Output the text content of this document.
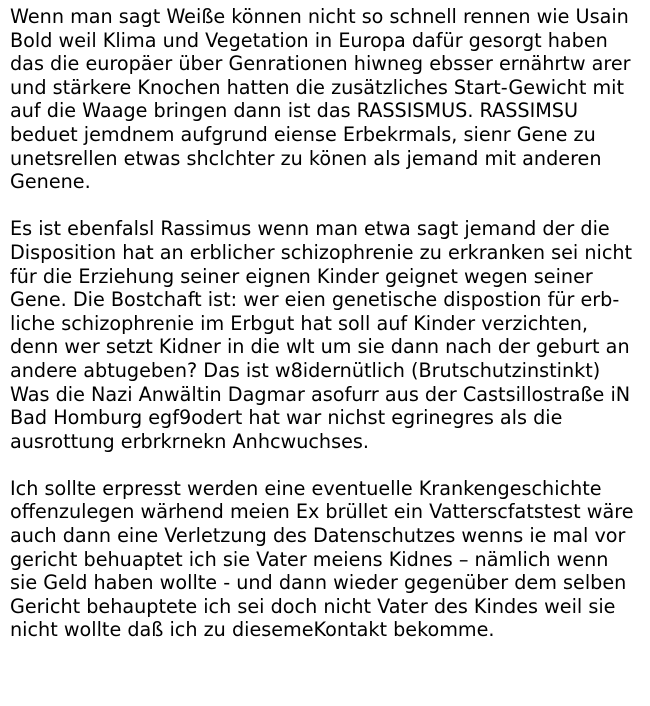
Wenn man sagt Weiße können nicht so schnell rennen wie Usain
Bold weil Klima und Vegetation in Europa dafür gesorgt haben
das die europäer über Genrationen hiwneg ebsser ernährtw arer
und stärkere Knochen hatten die zusätzliches Start-Gewicht mit
auf die Waage bringen dann ist das RASSISMUS. RASSIMSU
beduet jemdnem aufgrund eiense Erbekrmals, sienr Gene zu
unetsrellen etwas shclchter zu könen als jemand mit anderen
Genene.

Es ist ebenfalsl Rassimus wenn man etwa sagt jemand der die
Disposition hat an erblicher schizophrenie zu erkranken sei nicht
für die Erziehung seiner eignen Kinder geignet wegen seiner
Gene. Die Bostchaft ist: wer eien genetische dispostion für erb-
liche schizophrenie im Erbgut hat soll auf Kinder verzichten,
denn wer setzt Kidner in die wlt um sie dann nach der geburt an
andere abtugeben? Das ist w8idernütlich (Brutschutzinstinkt)
Was die Nazi Anwältin Dagmar asofurr aus der Castsillostraße iN
Bad Homburg egf9odert hat war nichst egrinegres als die
ausrottung erbrkrnekn Anhcwuchses.

Ich sollte erpresst werden eine eventuelle Krankengeschichte
offenzulegen wärhend meien Ex brüllet ein Vatterscfatstest wäre
auch dann eine Verletzung des Datenschutzes wenns ie mal vor
gericht behuaptet ich sie Vater meiens Kidnes – nämlich wenn
sie Geld haben wollte - und dann wieder gegenüber dem selben
Gericht behauptete ich sei doch nicht Vater des Kindes weil sie
nicht wollte daß ich zu diesemeKontakt bekomme.
